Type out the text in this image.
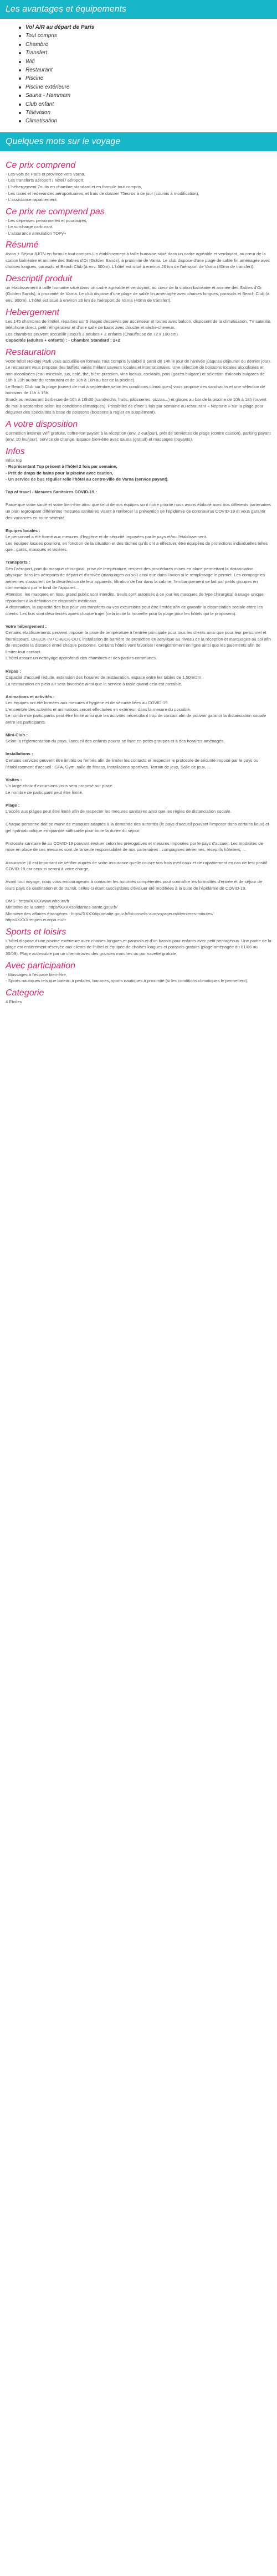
Les avantages et équipements
Vol A/R au départ de Paris
Tout compris
Chambre
Transfert
Wifi
Restaurant
Piscine
Piscine extérieure
Sauna - Hammam
Club enfant
Télévision
Climatisation
Quelques mots sur le voyage
Ce prix comprend

- Les vols de Paris et province vers Varna,

- Les transferts aéroport / hôtel / aéroport,

- L'hébergement 7nuits en chambre standard et en formule tout compris,

- Les taxes et redevances aéroportuaires, et frais de dossier 75euros à ce jour (soumis à modification),

- L'assistance rapatriement

Ce prix ne comprend pas

- Les dépenses personnelles et pourboires,

- Le surcharge carburant,

- L'assurance annulation TOPy+

Résumé

Avion + Séjour 8J/7N en formule tout compris Un établissement à taille humaine situé dans un cadre agréable et verdoyant, au cœur de la station balnéaire et animée des Sables d'Or (Golden Sands), à proximité de Varna. Le club dispose d'une plage de sable fin aménagée avec chaises longues, parasols et Beach Club (à env. 300m). L'hôtel est situé à environ 26 km de l'aéroport de Varna (40mn de transfert).

Descriptif produit

un établissement à taille humaine situé dans un cadre agréable et verdoyant, au cœur de la station balnéaire et animée des Sables d'Or (Golden Sands), à proximité de Varna. Le club dispose d'une plage de sable fin aménagée avec chaises longues, parasols et Beach Club (à env. 300m). L'hôtel est situé à environ 26 km de l'aéroport de Varna (40mn de transfert).

Hebergement

Les 145 chambres de l'hôtel, réparties sur 5 étages desservis par ascenseur et toutes avec balcon, disposent de la climatisation, TV satellite, téléphone direct, petit réfrigérateur et d'une salle de bains avec douche et sèche-cheveux.

Les chambres peuvent accueillir jusqu'à 2 adultes + 2 enfants (Chauffeuse de 72 x 190 cm).

Capacités (adultes + enfants) : - Chambre Standard : 2+2

Restauration

Votre hôtel Holiday Park vous accueille en formule Tout compris (valable à partir de 14h le jour de l'arrivée jusqu'au déjeuner du dernier jour). Le restaurant vous propose des buffets variés mêlant saveurs locales et internationales. Une sélection de boissons locales alcoolisées et non alcoolisées (eau minérale, jus, café, thé, bière pression, vins locaux, cocktails, pois (gazés bulgare) et sélection d'alcools bulgares de 10h à 23h au bar du restaurant et de 10h à 18h au bar de la piscine).

Le Beach Club sur la plage (ouvert de mai à septembre selon les conditions climatiques) vous propose des sandwichs et une sélection de boissons de 11h à 15h.

Snack au restaurant barbecue de 16h à 16h30 (sandwichs, fruits, pâtisseries, pizzas...) et glaces au bar de la piscine de 10h à 18h (ouvert de mai à septembre selon les conditions climatiques). Possibilité de dîner 1 fois par semaine au restaurant « Neptune » sur la plage pour déguster des spécialités à base de poissons (boissons à régler en supplément).

A votre disposition

Connexion internet Wifi gratuite, coffre-fort payant à la réception (env. 2 eur/jour), prêt de serviettes de plage (contre caution), parking payant (env. 10 leu/jour), service de change. Espace bien-être avec sauna (gratuit) et massages (payants).

Infos

Infos top

- Représentant Top présent à l'hôtel 2 fois par semaine,

- Prêt de draps de bains pour la piscine avec caution,

- Un service de bus régulier relie l'hôtel au centre-ville de Varna (service payant).

Top of travel - Mesures Sanitaires COVID-19 :

Parce que votre santé et votre bien-être ainsi que celui de nos équipes sont notre priorité nous avons élaboré avec nos différents partenaires un plan regroupant différentes mesures sanitaires visant à renforcer la prévention de l'épidémie de coronavirus COVID-19 et vous garantir des vacances en toute sérénité.

Equipes locales :

Le personnel a été formé aux mesures d'hygiène et de sécurité imposées par le pays et/ou l'établissement.

Les équipes locales pourront, en fonction de la situation et des tâches qu'ils ont à effectuer, être équipées de protections individuelles telles que : gants, masques et visières.

Transports :

Dès l'aéroport, port du masque chirurgical, prise de température, respect des procédures mises en place permettant la distanciation physique dans les aéroports de départ et d'arrivée (marquages au sol) ainsi que dans l'avion si le remplissage le permet. Les compagnies aériennes s'assurent de la désinfection de leur appareils, filtration de l'air dans la cabine, l'embarquement se fait par petits groupes en commençant par le fond de l'appareil...

Attention, les masques en tissu grand public sont interdits. Seuls sont autorisés à ce jour les masques de type chirurgical à usage unique répondant à la définition de dispositifs médicaux.

A destination, la capacité des bus pour vos transferts ou vos excursions peut être limitée afin de garantir la distanciation sociale entre les clients. Les bus sont désinfectés après chaque trajet (cela incite la nouvelle pour la plage pour les hôtels qui le proposent).

Votre hébergement :

Certains établissements peuvent imposer la prise de température à l'entrée principale pour tous les clients ainsi que pour leur personnel et fournisseurs. CHECK-IN / CHECK-OUT, installation de barrière de protection en acrylique au niveau de la réception et marquages au sol afin de respecter la distance entre chaque personne. Certains hôtels vont favoriser l'enregistrement en ligne ainsi que les paiements afin de limiter tout contact.

L'hôtel assure un nettoyage approfondi des chambres et des parties communes.

Repas :

Capacité d'accueil réduite, extension des horaires de restauration, espace entre les tables de 1,50m/2m.

La restauration en plein air sera favorisée ainsi que le service à table quand cela est possible.

Animations et activités :

Les équipes ont été formées aux mesures d'hygiène et de sécurité liées au COVID-19.

L'ensemble des activités et animations seront effectuées en extérieur, dans la mesure du possible.

Le nombre de participants peut être limité ainsi que les activités nécessitant trop de contact afin de pouvoir garantir la distanciation sociale entre les participants.

Mini-Club :

Selon la réglementation du pays, l'accueil des enfants pourra se faire en petits groupes et à des horaires aménagés.

Installations :

Certains services peuvent être limités ou fermés afin de limiter les contacts et respecter le protocole de sécurité imposé par le pays ou l'établissement d'accueil : SPA, Gym, salle de fitness, Installations sportives, Terrain de jeux, Salle de jeux, ...

Visites :

Un large choix d'excursions vous sera proposé sur place.

Le nombre de participant peut être limité.

Plage :

L'accès aux plages peut être limité afin de respecter les mesures sanitaires ainsi que les règles de distanciation sociale.

Chaque personne doit se munir de masques adaptés à la demande des autorités (le pays d'accueil pouvant l'imposer dans certains lieux) et gel hydroalcoolique en quantité suffisante pour toute la durée du séjour.

Protocole sanitaire lié au COVID-19 pouvant évoluer selon les prérogatives et mesures imposées par le pays d'accueil. Les modalités de mise en place de ces mesures sont de la seule responsabilité de nos partenaires : compagnies aériennes, réceptifs hôteliers, ...

Assurance : il est important de vérifier auprès de votre assurance quelle couvre vos frais médicaux et de rapatriement en cas de test positif COVID-19 car ceux-ci seront à votre charge.

Avant tout voyage, nous vous encourageons à contacter les autorités compétentes pour connaître les formalités d'entrée et de séjour de leurs pays de destination et de transit, celles-ci étant susceptibles d'évoluer été modifiées à la suite de l'épidémie de COVID-19.

OMS : https//XXXXwww.who.int/fr

Ministère de la santé : https//XXXXsolidarites-sante.gouv.fr/

Ministère des affaires étrangères : https//XXXXdiplomatie.gouv.fr/fr/conseils-aux-voyageurs/dernieres-minutes/

https//XXXXreopen.europa.eu/fr

Sports et loisirs

L'hôtel dispose d'une piscine extérieure avec chaises longues et parasols et d'un bassin pour enfants avec petit pentagéous. Une partie de la plage est entièrement réservée aux clients de l'hôtel et équipée de chaises longues et parasols gratuits (plage aménagée du 01/06 au 30/09). Plage accessible par un chemin avec des grandes marches ou par navette gratuite.

Avec participation

- Massages à l'espace bien-être,

- Sports nautiques tels que bateau à pédales, bananes, sports nautiques à proximité (si les conditions climatiques le permettent).

Categorie

4 Etoiles
